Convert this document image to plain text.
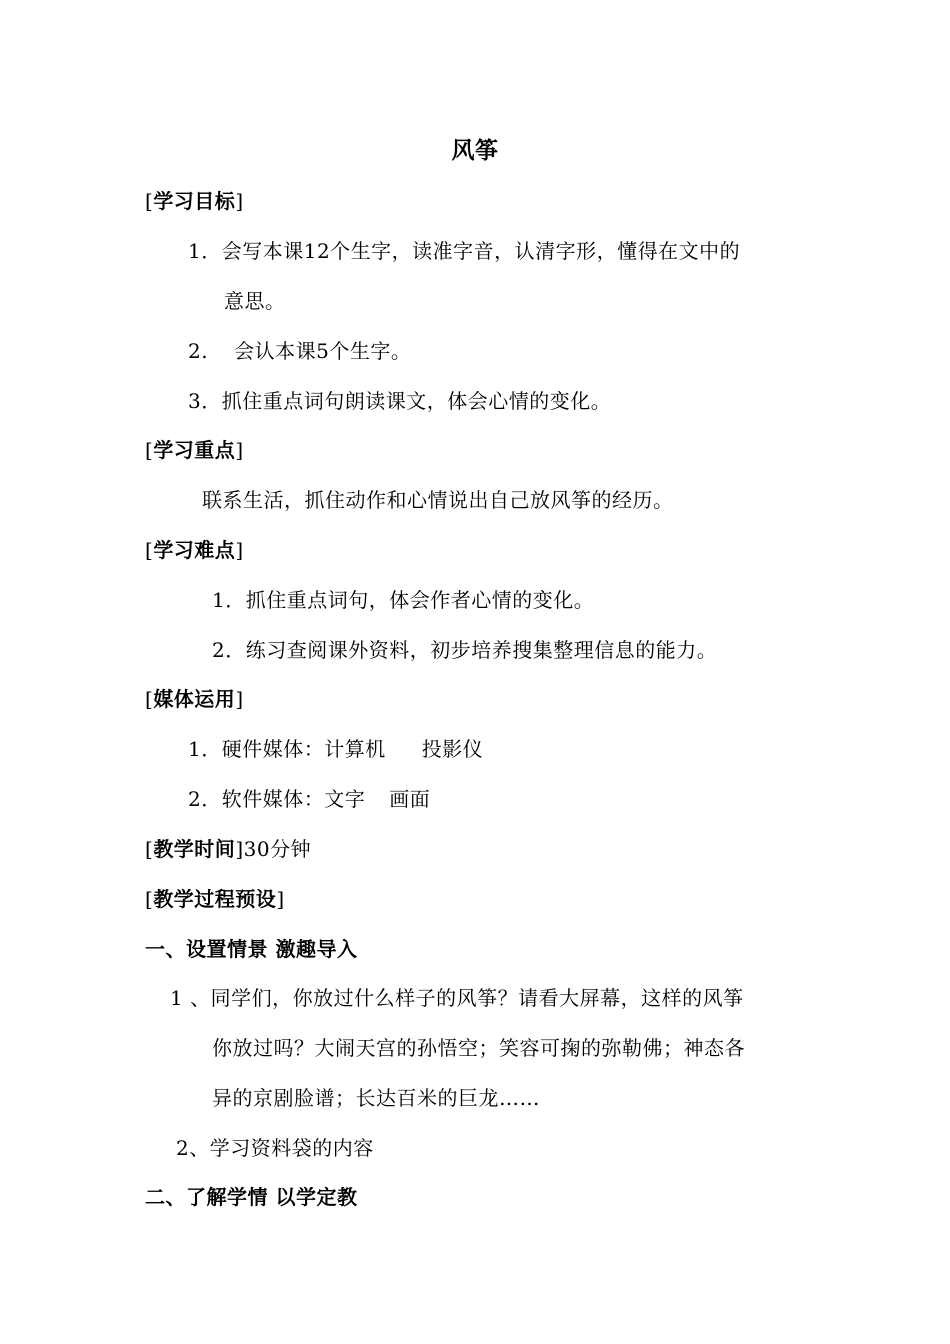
风筝
[学习目标]
1．会写本课12个生字，读准字音，认清字形，懂得在文中的
意思。
2. 会认本课5个生字。
3．抓住重点词句朗读课文，体会心情的变化。
[学习重点]
联系生活，抓住动作和心情说出自己放风筝的经历。
[学习难点]
1．抓住重点词句，体会作者心情的变化。
2．练习查阅课外资料，初步培养搜集整理信息的能力。
[媒体运用]
1．硬件媒体：计算机 投影仪
2．软件媒体：文字 画面
[教学时间]30分钟
[教学过程预设]
一、设置情景 激趣导入
1 、同学们，你放过什么样子的风筝？请看大屏幕，这样的风筝
你放过吗？大闹天宫的孙悟空；笑容可掬的弥勒佛；神态各
异的京剧脸谱；长达百米的巨龙……
2、学习资料袋的内容
二、了解学情 以学定教
